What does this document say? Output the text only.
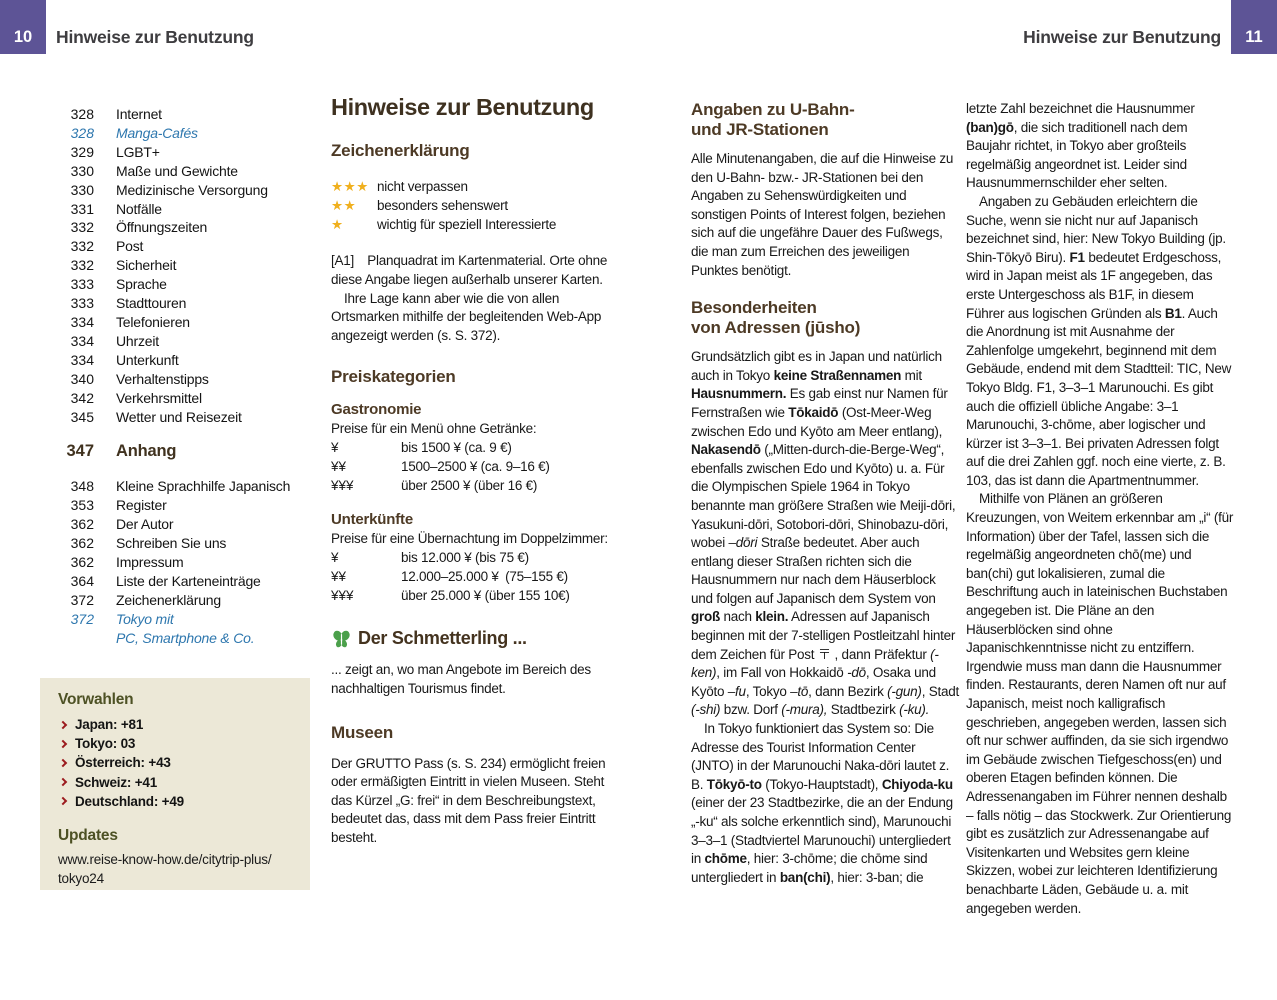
10 Hinweise zur Benutzung	Hinweise zur Benutzung 11
328 Internet
328 Manga-Cafés
329 LGBT+
330 Maße und Gewichte
330 Medizinische Versorgung
331 Notfälle
332 Öffnungszeiten
332 Post
332 Sicherheit
333 Sprache
333 Stadttouren
334 Telefonieren
334 Uhrzeit
334 Unterkunft
340 Verhaltenstipps
342 Verkehrsmittel
345 Wetter und Reisezeit
347 Anhang
348 Kleine Sprachhilfe Japanisch
353 Register
362 Der Autor
362 Schreiben Sie uns
362 Impressum
364 Liste der Karteneinträge
372 Zeichenerklärung
372 Tokyo mit
PC, Smartphone & Co.
Vorwahlen
Japan: +81
Tokyo: 03
Österreich: +43
Schweiz: +41
Deutschland: +49
Updates
www.reise-know-how.de/citytrip-plus/
tokyo24
Hinweise zur Benutzung
Zeichenerklärung
★★★ nicht verpassen
★★	besonders sehenswert
★	wichtig für speziell Interessierte

[A1] Planquadrat im Kartenmaterial. Orte ohne diese Angabe liegen außerhalb unserer Karten.

Ihre Lage kann aber wie die von allen Ortsmarken mithilfe der begleitenden Web-App angezeigt werden (s. S. 372).

Preiskategorien
Gastronomie

Preise für ein Menü ohne Getränke:

¥	bis 1500 ¥ (ca. 9 €)
¥¥	1500–2500 ¥ (ca. 9–16 €)
¥¥¥	über 2500 ¥ (über 16 €)
Unterkünfte

Preise für eine Übernachtung im Doppelzimmer:

¥	bis 12.000 ¥ (bis 75 €)
¥¥	12.000–25.000 ¥ (75–155 €)
¥¥¥	über 25.000 ¥ (über 155 10€)
Der Schmetterling ...

... zeigt an, wo man Angebote im Bereich des nachhaltigen Tourismus findet.

Museen

Der GRUTTO Pass (s. S. 234) ermöglicht freien oder ermäßigten Eintritt in vielen Museen. Steht das Kürzel „G: frei“ in dem Beschreibungstext, bedeutet das, dass mit dem Pass freier Eintritt besteht.

Angaben zu U-Bahn-
und JR-Stationen

Alle Minutenangaben, die auf die Hinweise zu den U-Bahn- bzw.- JR-Stationen bei den Angaben zu Sehenswürdigkeiten und sonstigen Points of Interest folgen, beziehen sich auf die ungefähre Dauer des Fußwegs, die man zum Erreichen des jeweiligen Punktes benötigt.

Besonderheiten
von Adressen (jūsho)

Grundsätzlich gibt es in Japan und natürlich auch in Tokyo keine Straßennamen mit Hausnummern. Es gab einst nur Namen für Fernstraßen wie Tōkaidō (Ost-Meer-Weg zwischen Edo und Kyōto am Meer entlang), Nakasendō („Mitten-durch-die-Berge-Weg“, ebenfalls zwischen Edo und Kyōto) u. a. Für die Olympischen Spiele 1964 in Tokyo benannte man größere Straßen wie Meiji-dōri, Yasukuni-dōri, Sotobori-dōri, Shinobazu-dōri, wobei –dōri Straße bedeutet. Aber auch entlang dieser Straßen richten sich die Hausnummern nur nach dem Häuserblock und folgen auf Japanisch dem System von groß nach klein. Adressen auf Japanisch beginnen mit der 7-stelligen Postleitzahl hinter dem Zeichen für Post 〒 , dann Präfektur (-ken), im Fall von Hokkaidō -dō, Osaka und Kyōto –fu, Tokyo –tō, dann Bezirk (-gun), Stadt (-shi) bzw. Dorf (-mura), Stadtbezirk (-ku).

In Tokyo funktioniert das System so: Die Adresse des Tourist Information Center (JNTO) in der Marunouchi Naka-dōri lautet z. B. Tōkyō-to (Tokyo-Hauptstadt), Chiyoda-ku (einer der 23 Stadtbezirke, die an der Endung „-ku“ als solche erkenntlich sind), Marunouchi 3–3–1 (Stadtviertel Marunouchi) untergliedert in chōme, hier: 3-chōme; die chōme sind untergliedert in ban(chi), hier: 3-ban; die

letzte Zahl bezeichnet die Hausnummer (ban)gō, die sich traditionell nach dem Baujahr richtet, in Tokyo aber großteils regelmäßig angeordnet ist. Leider sind Hausnummernschilder eher selten.

Angaben zu Gebäuden erleichtern die Suche, wenn sie nicht nur auf Japanisch bezeichnet sind, hier: New Tokyo Building (jp. Shin-Tōkyō Biru). F1 bedeutet Erdgeschoss, wird in Japan meist als 1F angegeben, das erste Untergeschoss als B1F, in diesem Führer aus logischen Gründen als B1. Auch die Anordnung ist mit Ausnahme der Zahlenfolge umgekehrt, beginnend mit dem Gebäude, endend mit dem Stadtteil: TIC, New Tokyo Bldg. F1, 3–3–1 Marunouchi. Es gibt auch die offiziell übliche Angabe: 3–1 Marunouchi, 3-chōme, aber logischer und kürzer ist 3–3–1. Bei privaten Adressen folgt auf die drei Zahlen ggf. noch eine vierte, z. B. 103, das ist dann die Apartmentnummer.

Mithilfe von Plänen an größeren Kreuzungen, von Weitem erkennbar am „i“ (für Information) über der Tafel, lassen sich die regelmäßig angeordneten chō(me) und ban(chi) gut lokalisieren, zumal die Beschriftung auch in lateinischen Buchstaben angegeben ist. Die Pläne an den Häuserblöcken sind ohne Japanischkenntnisse nicht zu entziffern. Irgendwie muss man dann die Hausnummer finden. Restaurants, deren Namen oft nur auf Japanisch, meist noch kalligrafisch geschrieben, angegeben werden, lassen sich oft nur schwer auffinden, da sie sich irgendwo im Gebäude zwischen Tiefgeschoss(en) und oberen Etagen befinden können. Die Adressenangaben im Führer nennen deshalb – falls nötig – das Stockwerk. Zur Orientierung gibt es zusätzlich zur Adressenangabe auf Visitenkarten und Websites gern kleine Skizzen, wobei zur leichteren Identifizierung benachbarte Läden, Gebäude u. a. mit angegeben werden.
